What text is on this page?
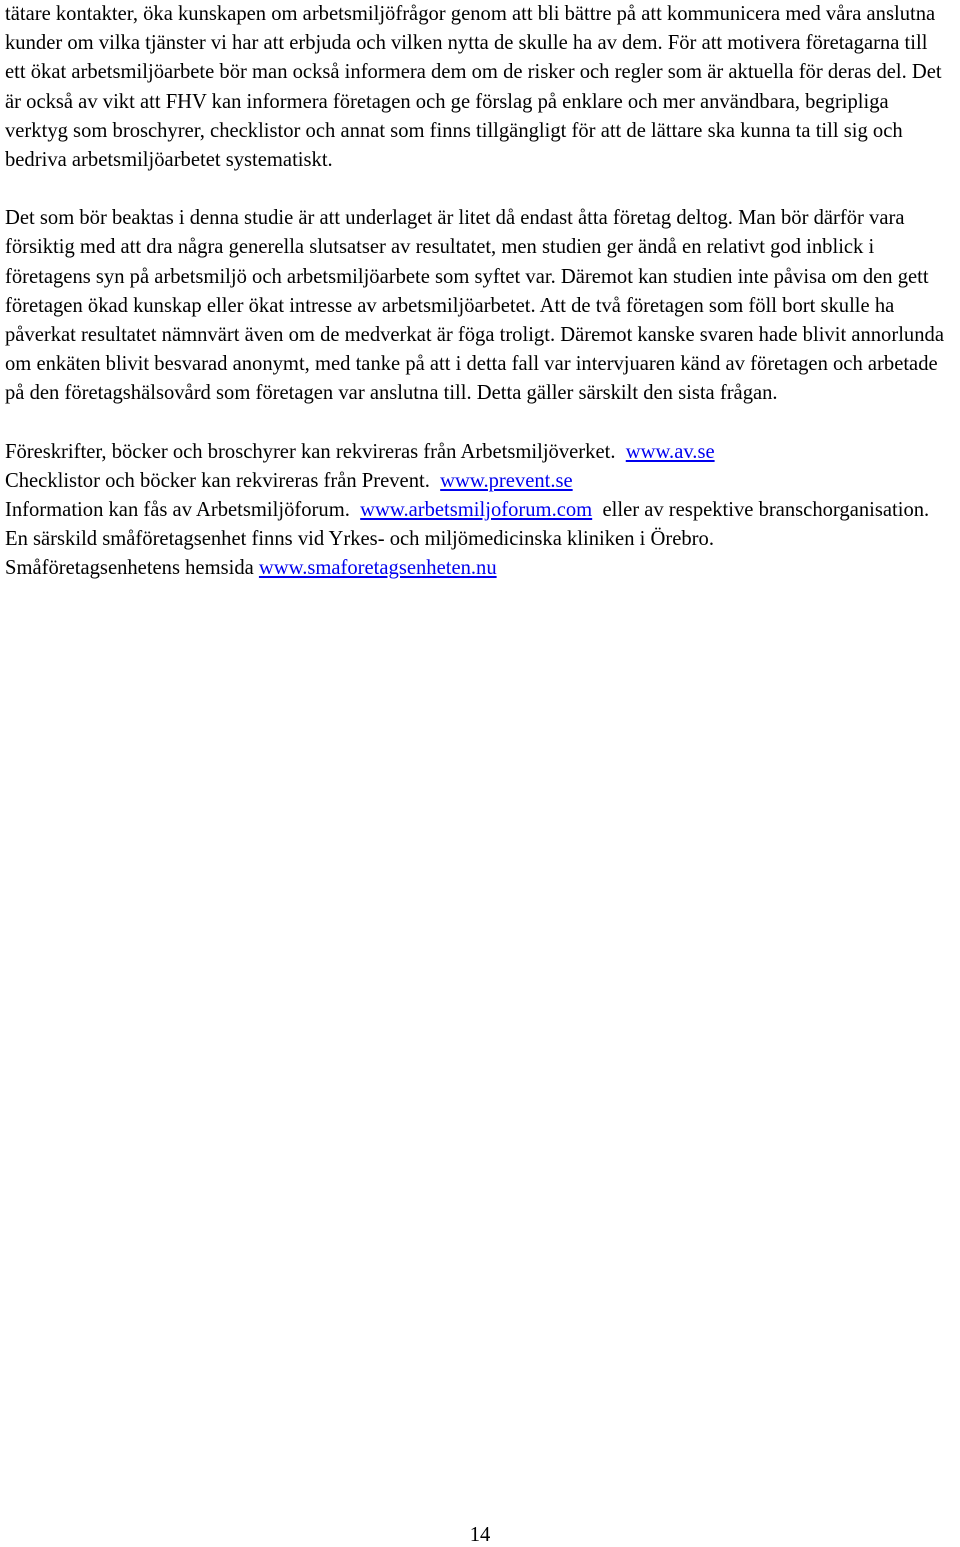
tätare kontakter, öka kunskapen om arbetsmiljöfrågor genom att bli bättre på att kommunicera med våra anslutna kunder om vilka tjänster vi har att erbjuda och vilken nytta de skulle ha av dem. För att motivera företagarna till ett ökat arbetsmiljöarbete bör man också informera dem om de risker och regler som är aktuella för deras del. Det är också av vikt att FHV kan informera företagen och ge förslag på enklare och mer användbara, begripliga verktyg som broschyrer, checklistor och annat som finns tillgängligt för att de lättare ska kunna ta till sig och bedriva arbetsmiljöarbetet systematiskt.

Det som bör beaktas i denna studie är att underlaget är litet då endast åtta företag deltog. Man bör därför vara försiktig med att dra några generella slutsatser av resultatet, men studien ger ändå en relativt god inblick i företagens syn på arbetsmiljö och arbetsmiljöarbete som syftet var. Däremot kan studien inte påvisa om den gett företagen ökad kunskap eller ökat intresse av arbetsmiljöarbetet. Att de två företagen som föll bort skulle ha påverkat resultatet nämnvärt även om de medverkat är föga troligt. Däremot kanske svaren hade blivit annorlunda om enkäten blivit besvarad anonymt, med tanke på att i detta fall var intervjuaren känd av företagen och arbetade på den företagshälsovård som företagen var anslutna till. Detta gäller särskilt den sista frågan.

Föreskrifter, böcker och broschyrer kan rekvireras från Arbetsmiljöverket. www.av.se
Checklistor och böcker kan rekvireras från Prevent. www.prevent.se
Information kan fås av Arbetsmiljöforum. www.arbetsmiljoforum.com eller av respektive branschorganisation.
En särskild småföretagsenhet finns vid Yrkes- och miljömedicinska kliniken i Örebro.
Småföretagsenhetens hemsida www.smaforetagsenheten.nu
14
